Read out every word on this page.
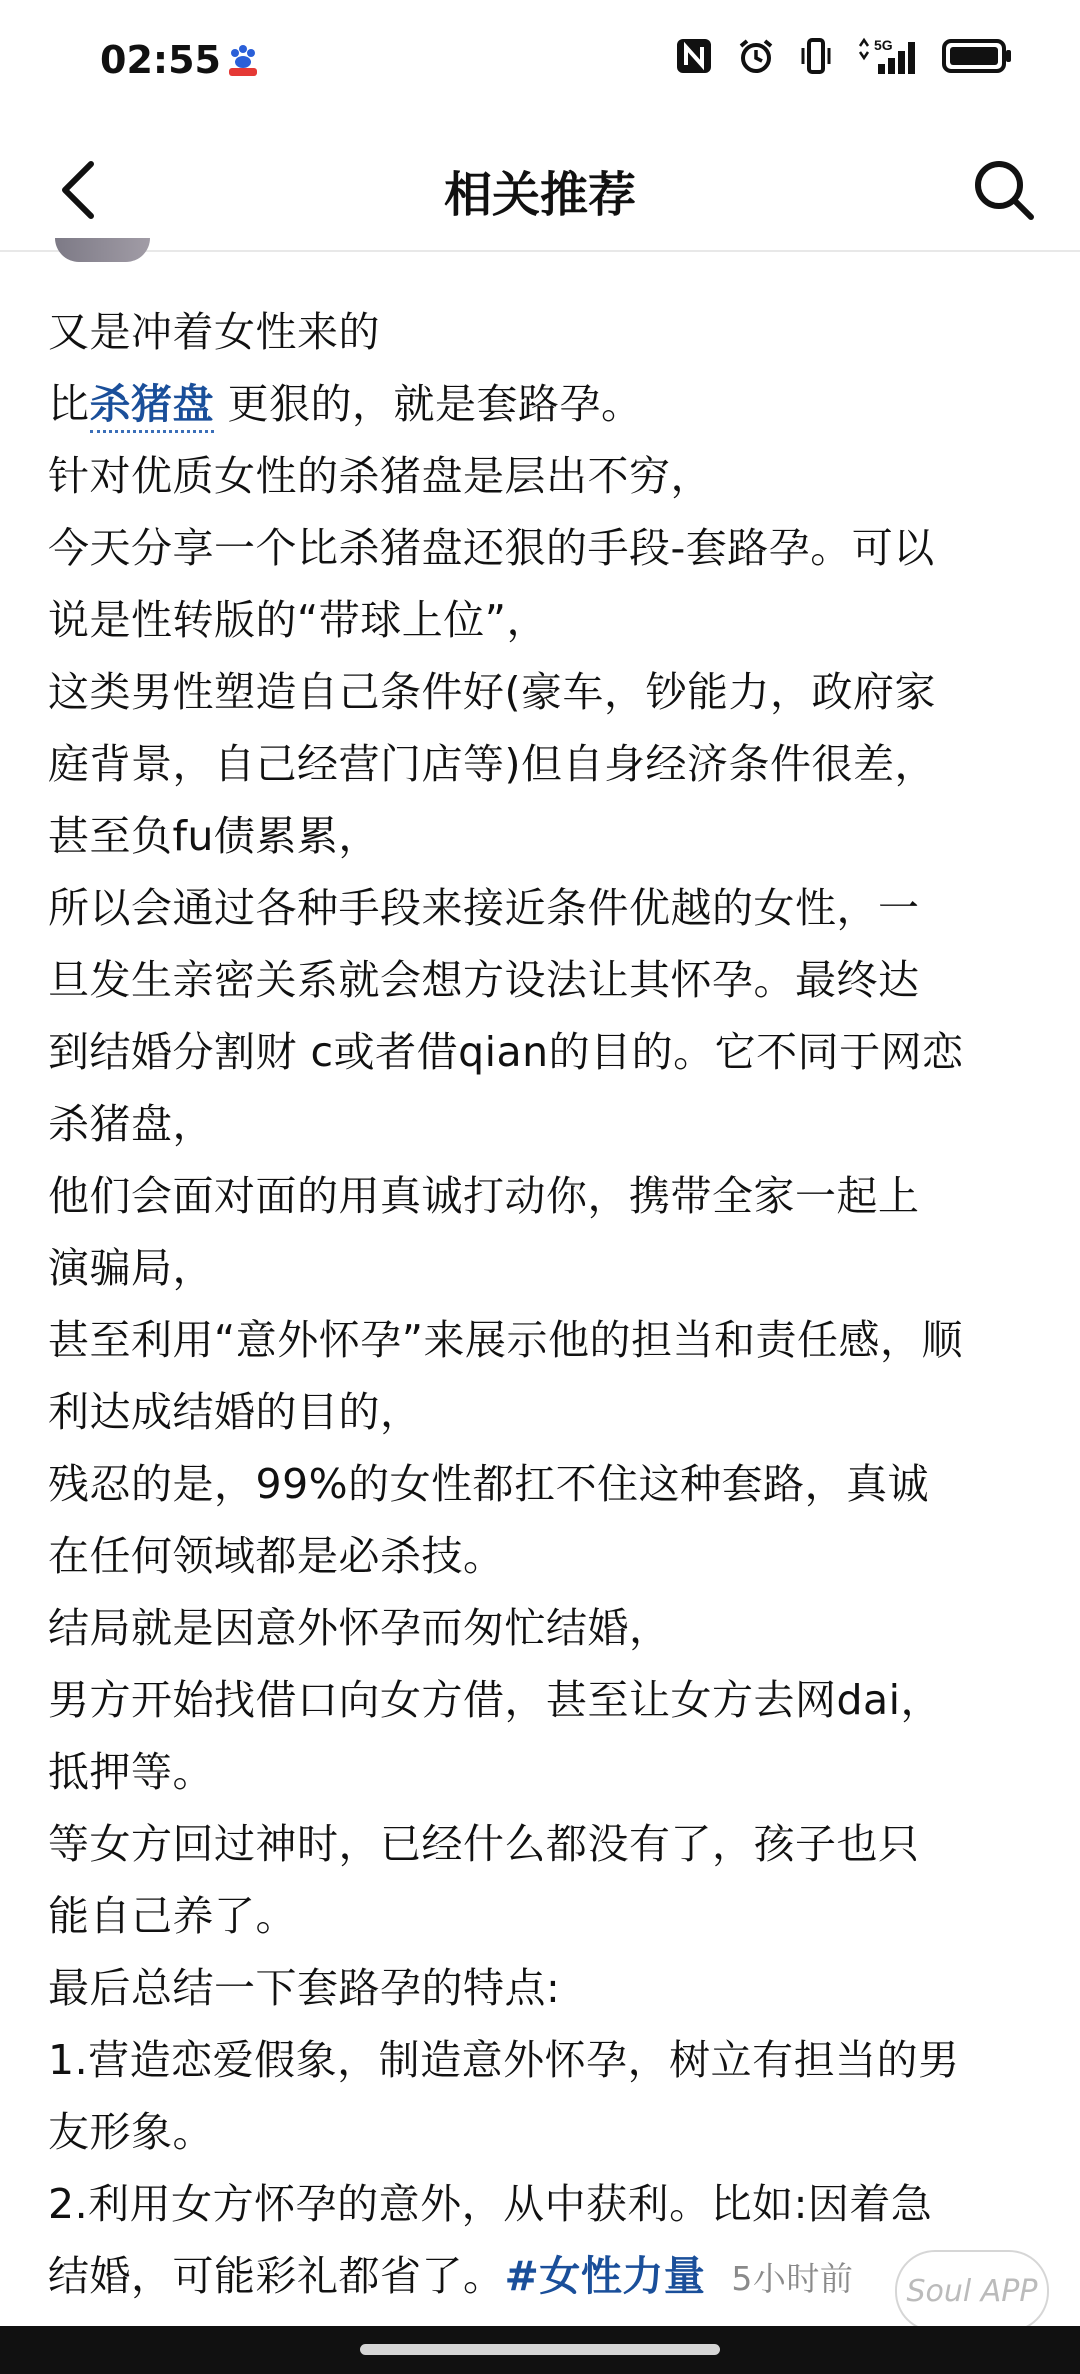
02:55	5G
相关推荐
又是冲着女性来的
比杀猪盘 更狠的，就是套路孕。
针对优质女性的杀猪盘是层出不穷，
今天分享一个比杀猪盘还狠的手段-套路孕。可以
说是性转版的“带球上位”，
这类男性塑造自己条件好(豪车，钞能力，政府家
庭背景，自己经营门店等)但自身经济条件很差，
甚至负fu债累累，
所以会通过各种手段来接近条件优越的女性，一
旦发生亲密关系就会想方设法让其怀孕。最终达
到结婚分割财 c或者借qian的目的。它不同于网恋
杀猪盘，
他们会面对面的用真诚打动你，携带全家一起上
演骗局，
甚至利用“意外怀孕”来展示他的担当和责任感，顺
利达成结婚的目的，
残忍的是，99%的女性都扛不住这种套路，真诚
在任何领域都是必杀技。
结局就是因意外怀孕而匆忙结婚，
男方开始找借口向女方借，甚至让女方去网dai，
抵押等。
等女方回过神时，已经什么都没有了，孩子也只
能自己养了。
最后总结一下套路孕的特点:
1.营造恋爱假象，制造意外怀孕，树立有担当的男
友形象。
2.利用女方怀孕的意外，从中获利。比如:因着急
结婚，可能彩礼都省了。#女性力量 5小时前	Soul APP
